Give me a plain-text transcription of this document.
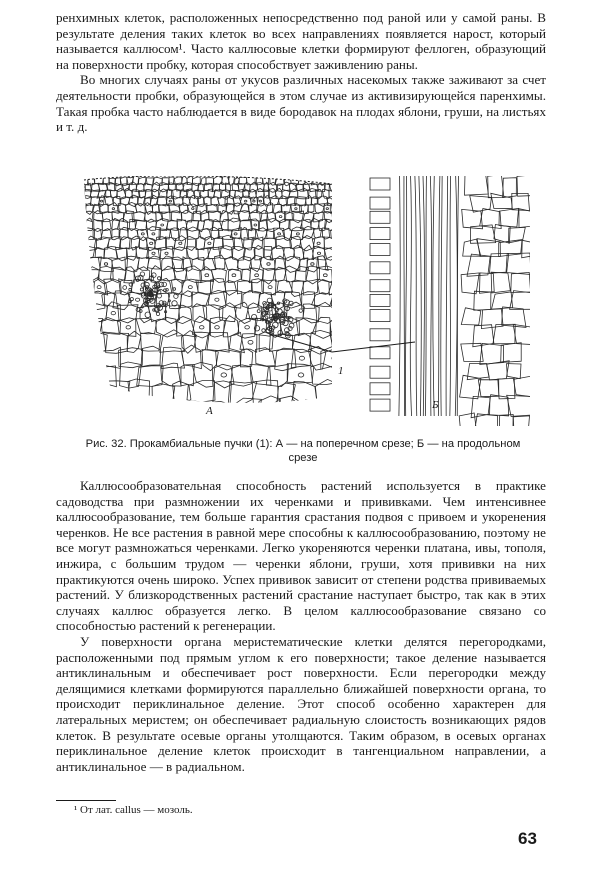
ренхимных клеток, расположенных непосредственно под раной или у самой раны. В результате деления таких клеток во всех направлениях появляется нарост, который называется каллюсом¹. Часто каллюсовые клетки формируют феллоген, образующий на поверхности пробку, которая способствует заживлению раны.

Во многих случаях раны от укусов различных насекомых также заживают за счет деятельности пробки, образующейся в этом случае из активизирующейся паренхимы. Такая пробка часто наблюдается в виде бородавок на плодах яблони, груши, на листьях и т. д.

1
А	Б
Рис. 32. Прокамбиальные пучки (1): А — на поперечном срезе; Б — на продольном срезе

Каллюсообразовательная способность растений используется в практике садоводства при размножении их черенками и прививками. Чем интенсивнее каллюсообразование, тем больше гарантия срастания подвоя с привоем и укоренения черенков. Не все растения в равной мере способны к каллюсообразованию, поэтому не все могут размножаться черенками. Легко укореняются черенки платана, ивы, тополя, инжира, с большим трудом — черенки яблони, груши, хотя прививки на них практикуются очень широко. Успех прививок зависит от степени родства прививаемых растений. У близкородственных растений срастание наступает быстро, так как в этих случаях каллюс образуется легко. В целом каллюсообразование связано со способностью растений к регенерации.

У поверхности органа меристематические клетки делятся перегородками, расположенными под прямым углом к его поверхности; такое деление называется антиклинальным и обеспечивает рост поверхности. Если перегородки между делящимися клетками формируются параллельно ближайшей поверхности органа, то происходит периклинальное деление. Этот способ особенно характерен для латеральных меристем; он обеспечивает радиальную слоистость возникающих рядов клеток. В результате осевые органы утолщаются. Таким образом, в осевых органах периклинальное деление клеток происходит в тангенциальном направлении, а антиклинальное — в радиальном.

¹ От лат. callus — мозоль.
63
